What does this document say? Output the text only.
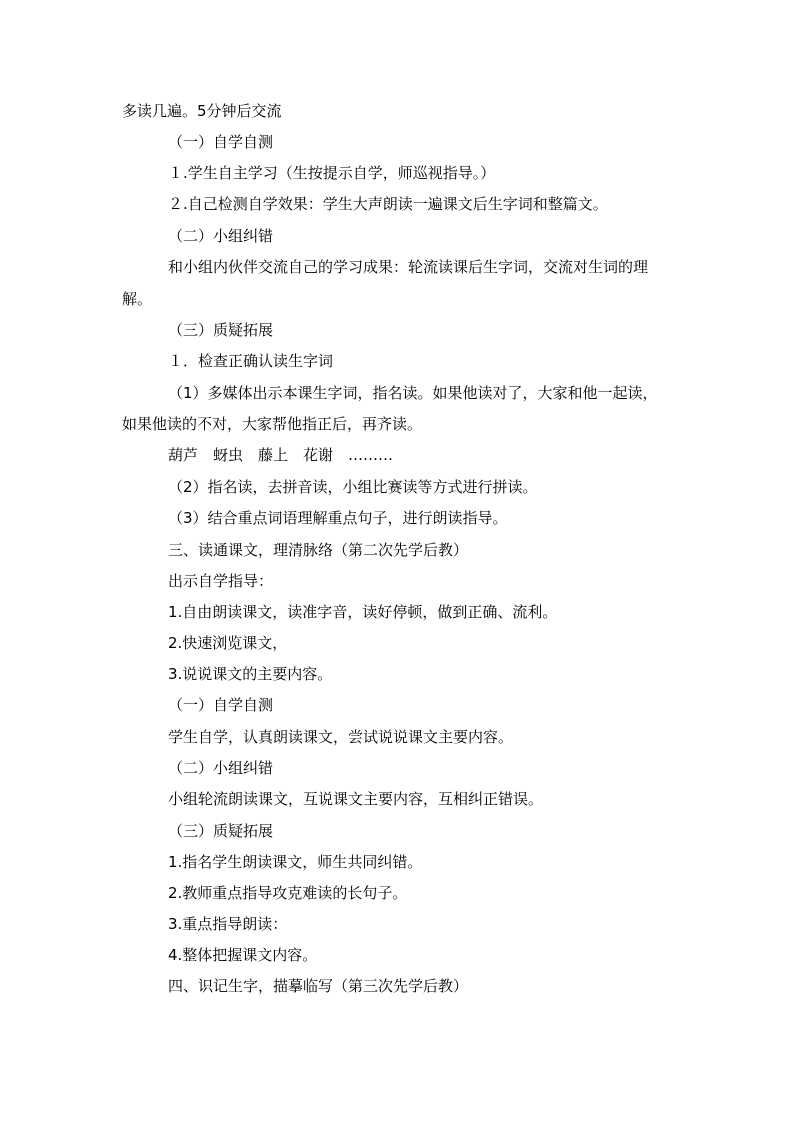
多读几遍。5分钟后交流
（一）自学自测
１.学生自主学习（生按提示自学，师巡视指导。）
２.自己检测自学效果：学生大声朗读一遍课文后生字词和整篇文。
（二）小组纠错
和小组内伙伴交流自己的学习成果：轮流读课后生字词，交流对生词的理
解。
（三）质疑拓展
１．检查正确认读生字词
（1）多媒体出示本课生字词，指名读。如果他读对了，大家和他一起读，
如果他读的不对，大家帮他指正后，再齐读。
葫芦　蚜虫　藤上　花谢　………
（2）指名读，去拼音读，小组比赛读等方式进行拼读。
（3）结合重点词语理解重点句子，进行朗读指导。
三、读通课文，理清脉络（第二次先学后教）
出示自学指导：
1.自由朗读课文，读准字音，读好停顿，做到正确、流利。
2.快速浏览课文，
3.说说课文的主要内容。
（一）自学自测
学生自学，认真朗读课文，尝试说说课文主要内容。
（二）小组纠错
小组轮流朗读课文，互说课文主要内容，互相纠正错误。
（三）质疑拓展
1.指名学生朗读课文，师生共同纠错。
2.教师重点指导攻克难读的长句子。
3.重点指导朗读：
4.整体把握课文内容。
四、识记生字，描摹临写（第三次先学后教）
